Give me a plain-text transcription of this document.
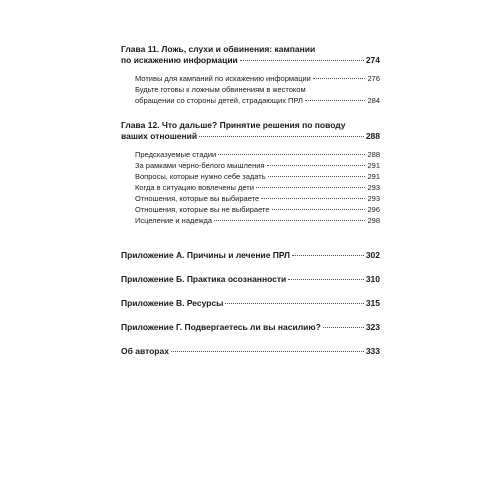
Глава 11. Ложь, слухи и обвинения: кампании
по искажению информации	274
Мотивы для кампаний по искажению информации	276
Будьте готовы к ложным обвинениям в жестоком
обращении со стороны детей, страдающих ПРЛ	284
Глава 12. Что дальше? Принятие решения по поводу
ваших отношений	288
Предсказуемые стадии	288
За рамками черно-белого мышления	291
Вопросы, которые нужно себе задать	291
Когда в ситуацию вовлечены дети	293
Отношения, которые вы выбираете	293
Отношения, которые вы не выбираете	296
Исцеление и надежда	298
Приложение А. Причины и лечение ПРЛ	302
Приложение Б. Практика осознанности	310
Приложение В. Ресурсы	315
Приложение Г. Подвергаетесь ли вы насилию?	323
Об авторах	333
